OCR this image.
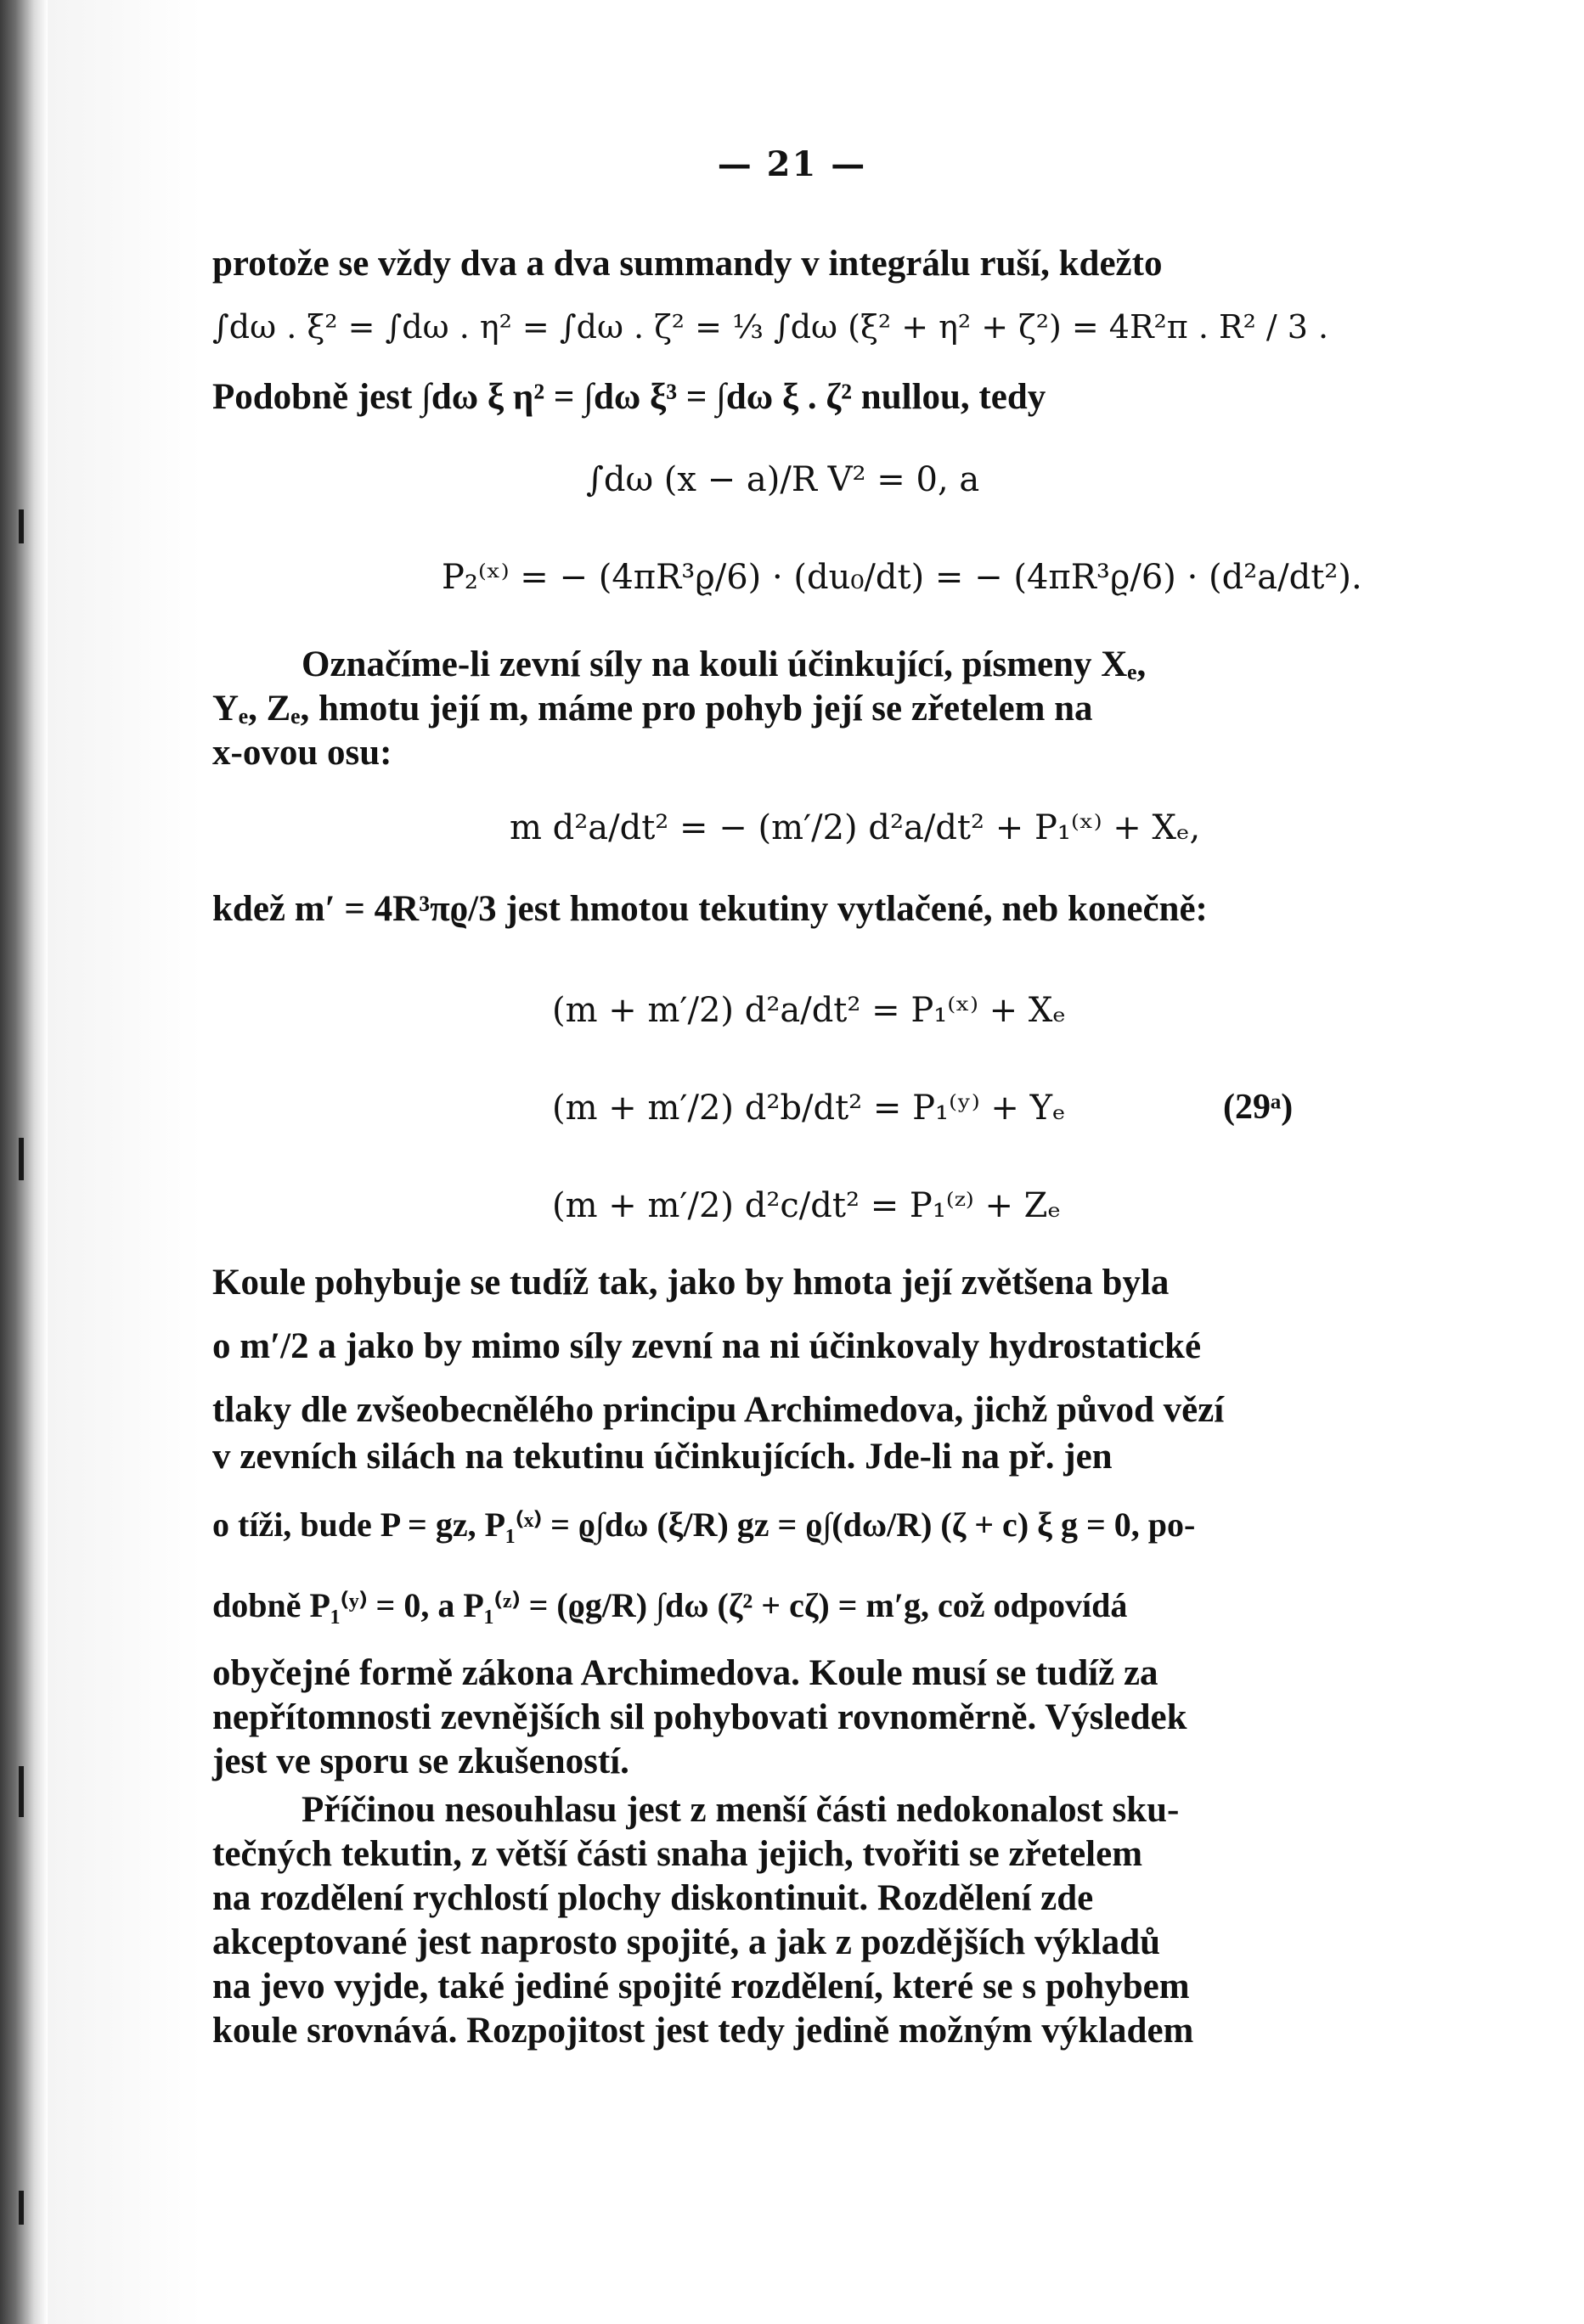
— 21 —
protože se vždy dva a dva summandy v integrálu ruší, kdežto
∫dω . ξ² = ∫dω . η² = ∫dω . ζ² = ⅓ ∫dω (ξ² + η² + ζ²) = 4R²π . R² / 3 .
Podobně jest ∫dω ξ η² = ∫dω ξ³ = ∫dω ξ . ζ² nullou, tedy
∫dω (x − a)/R V² = 0, a
P₂⁽ˣ⁾ = − (4πR³ϱ/6) · (du₀/dt) = − (4πR³ϱ/6) · (d²a/dt²).
Označíme-li zevní síly na kouli účinkující, písmeny Xₑ,
Yₑ, Zₑ, hmotu její m, máme pro pohyb její se zřetelem na
x-ovou osu:
m d²a/dt² = − (m′/2) d²a/dt² + P₁⁽ˣ⁾ + Xₑ,
kdež m′ = 4R³πϱ/3 jest hmotou tekutiny vytlačené, neb konečně:
(m + m′/2) d²a/dt² = P₁⁽ˣ⁾ + Xₑ
(m + m′/2) d²b/dt² = P₁⁽ʸ⁾ + Yₑ
(m + m′/2) d²c/dt² = P₁⁽ᶻ⁾ + Zₑ
(29ᵃ)
Koule pohybuje se tudíž tak, jako by hmota její zvětšena byla
o m′/2 a jako by mimo síly zevní na ni účinkovaly hydrostatické
tlaky dle zvšeobecnělého principu Archimedova, jichž původ vězí
v zevních silách na tekutinu účinkujících. Jde-li na př. jen
o tíži, bude P = gz, P₁⁽ˣ⁾ = ϱ∫dω (ξ/R) gz = ϱ∫(dω/R) (ζ + c) ξ g = 0, po-
dobně P₁⁽ʸ⁾ = 0, a P₁⁽ᶻ⁾ = (ϱg/R) ∫dω (ζ² + cζ) = m′g, což odpovídá
obyčejné formě zákona Archimedova. Koule musí se tudíž za
nepřítomnosti zevnějších sil pohybovati rovnoměrně. Výsledek
jest ve sporu se zkušeností.
Příčinou nesouhlasu jest z menší části nedokonalost sku-
tečných tekutin, z větší části snaha jejich, tvořiti se zřetelem
na rozdělení rychlostí plochy diskontinuit. Rozdělení zde
akceptované jest naprosto spojité, a jak z pozdějších výkladů
na jevo vyjde, také jediné spojité rozdělení, které se s pohybem
koule srovnává. Rozpojitost jest tedy jedině možným výkladem
